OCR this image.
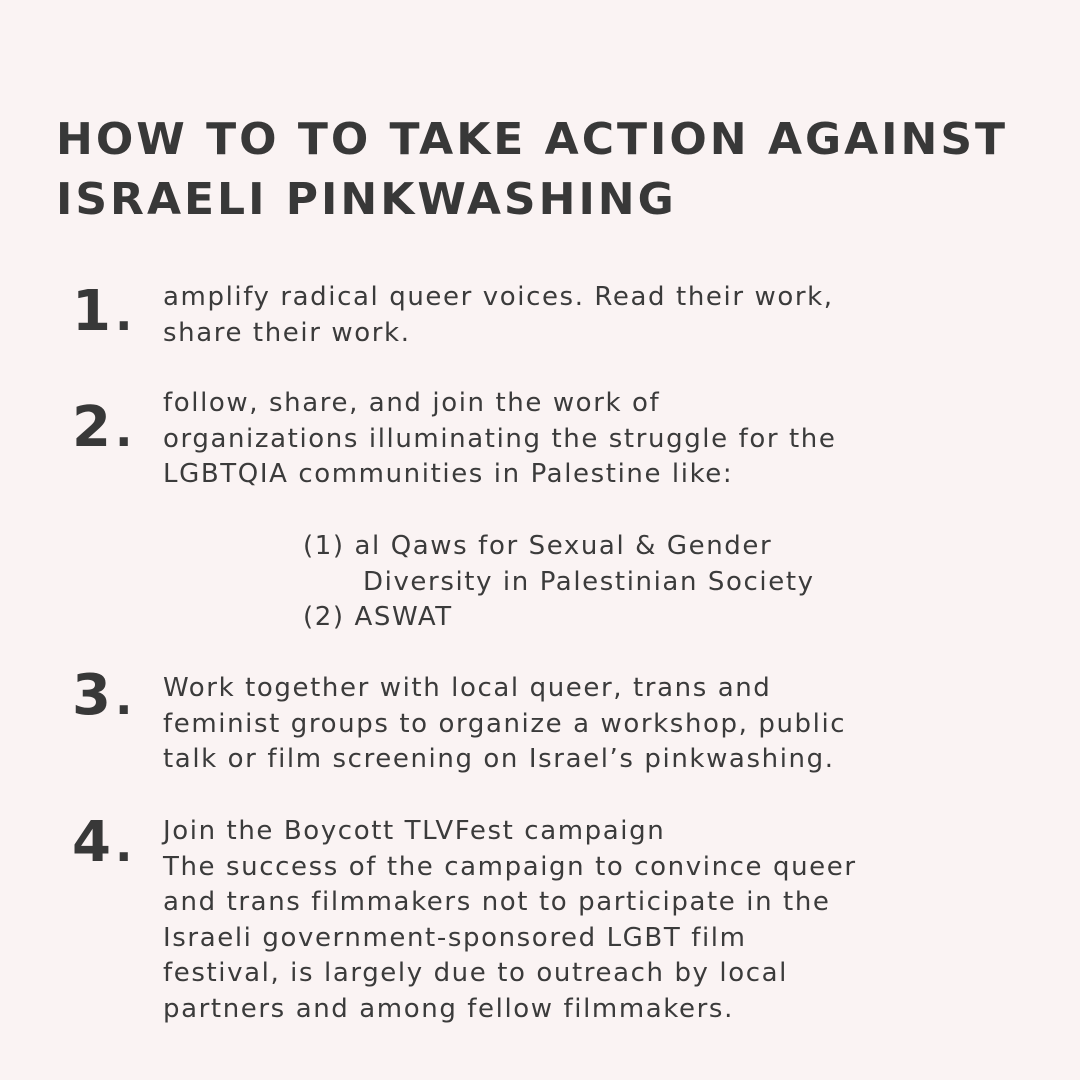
HOW TO TO TAKE ACTION AGAINST
ISRAELI PINKWASHING
1. amplify radical queer voices. Read their work,
share their work.
2. follow, share, and join the work of
organizations illuminating the struggle for the
LGBTQIA communities in Palestine like:
(1) al Qaws for Sexual & Gender
Diversity in Palestinian Society
(2) ASWAT
3. Work together with local queer, trans and
feminist groups to organize a workshop, public
talk or film screening on Israel’s pinkwashing.
4. Join the Boycott TLVFest campaign
The success of the campaign to convince queer
and trans filmmakers not to participate in the
Israeli government-sponsored LGBT film
festival, is largely due to outreach by local
partners and among fellow filmmakers.
